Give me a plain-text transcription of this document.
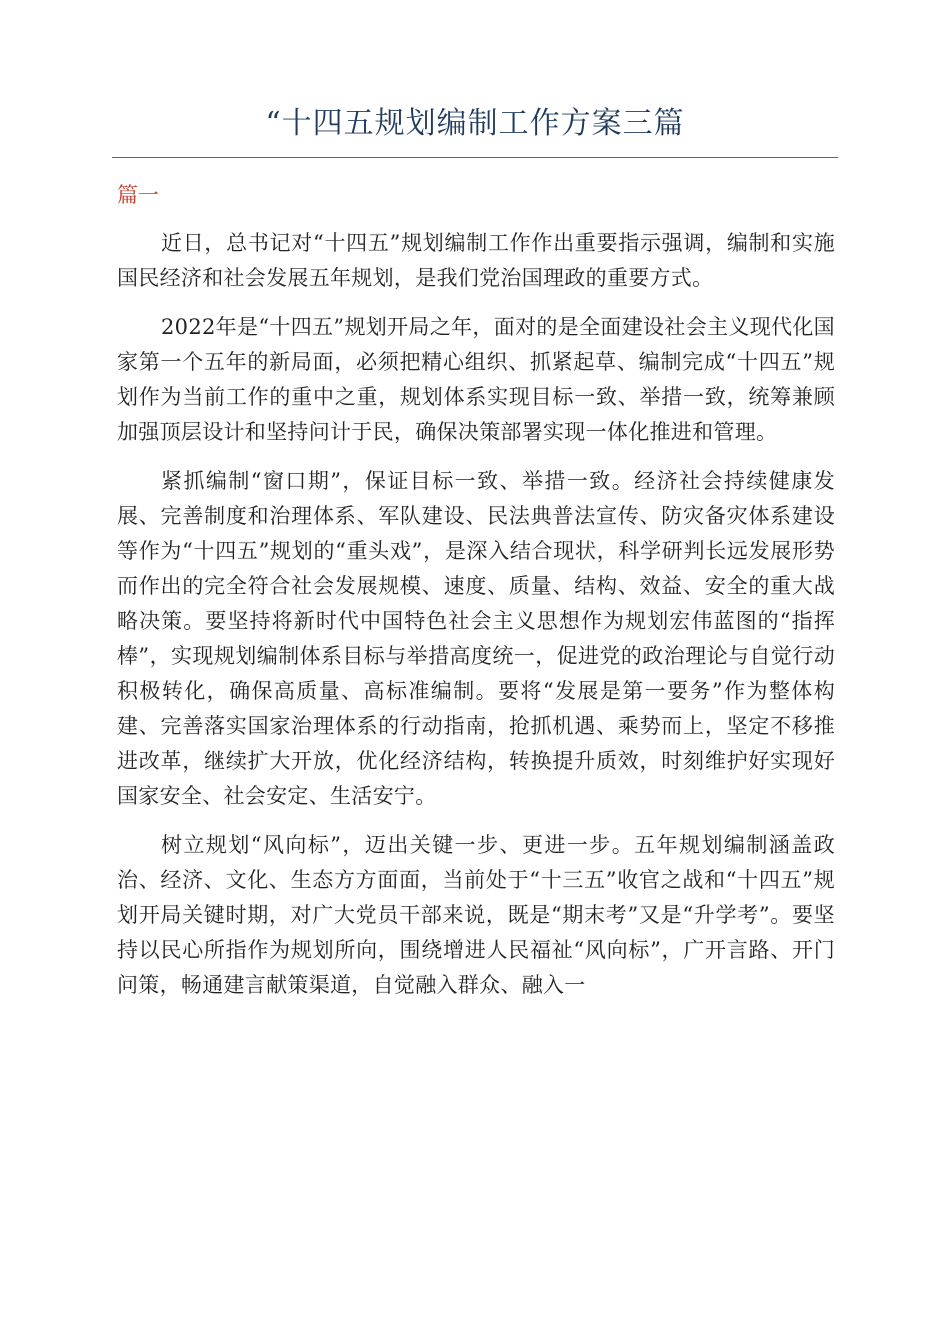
“十四五规划编制工作方案三篇
篇一

近日，总书记对“十四五”规划编制工作作出重要指示强调，编制和实施国民经济和社会发展五年规划，是我们党治国理政的重要方式。

2022年是“十四五”规划开局之年，面对的是全面建设社会主义现代化国家第一个五年的新局面，必须把精心组织、抓紧起草、编制完成“十四五”规划作为当前工作的重中之重，规划体系实现目标一致、举措一致，统筹兼顾加强顶层设计和坚持问计于民，确保决策部署实现一体化推进和管理。

紧抓编制“窗口期”，保证目标一致、举措一致。经济社会持续健康发展、完善制度和治理体系、军队建设、民法典普法宣传、防灾备灾体系建设等作为“十四五”规划的“重头戏”，是深入结合现状，科学研判长远发展形势而作出的完全符合社会发展规模、速度、质量、结构、效益、安全的重大战略决策。要坚持将新时代中国特色社会主义思想作为规划宏伟蓝图的“指挥棒”，实现规划编制体系目标与举措高度统一，促进党的政治理论与自觉行动积极转化，确保高质量、高标准编制。要将“发展是第一要务”作为整体构建、完善落实国家治理体系的行动指南，抢抓机遇、乘势而上，坚定不移推进改革，继续扩大开放，优化经济结构，转换提升质效，时刻维护好实现好国家安全、社会安定、生活安宁。

树立规划“风向标”，迈出关键一步、更进一步。五年规划编制涵盖政治、经济、文化、生态方方面面，当前处于“十三五”收官之战和“十四五”规划开局关键时期，对广大党员干部来说，既是“期末考”又是“升学考”。要坚持以民心所指作为规划所向，围绕增进人民福祉“风向标”，广开言路、开门问策，畅通建言献策渠道，自觉融入群众、融入一
